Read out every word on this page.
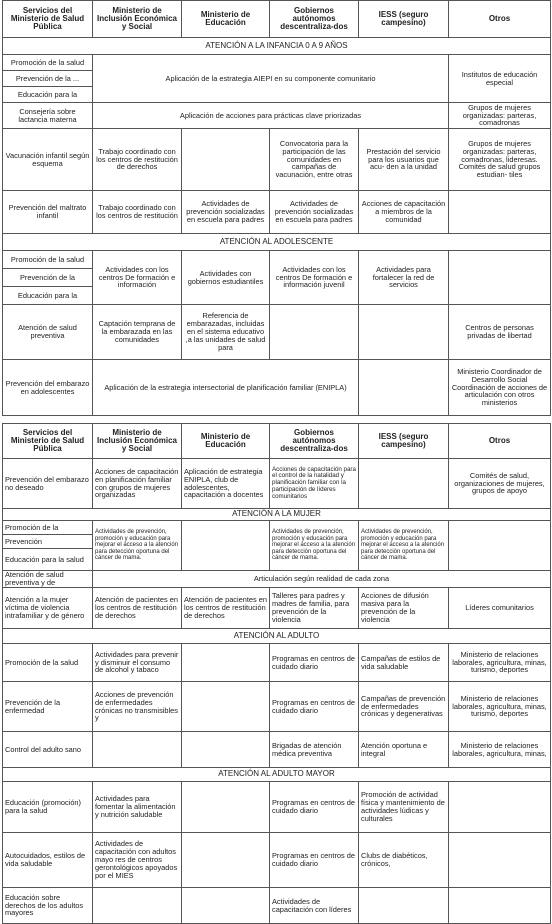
Servicios del Ministerio de Salud Pública	Ministerio de Inclusión Económica y Social	Ministerio de Educación	Gobiernos autónomos descentraliza-dos	IESS (seguro campesino)	Otros
ATENCIÓN A LA INFANCIA 0 A 9 AÑOS					
Promoción de la salud	Aplicación de la estrategia AIEPI en su componente comunitario				Institutos de educación especial
Prevención de la ...					
Educación para la					
Consejería sobre lactancia materna	Aplicación de acciones para prácticas clave priorizadas				Grupos de mujeres organizadas: parteras, comadronas
Vacunación infantil según esquema	Trabajo coordinado con los centros de restitución de derechos		Convocatoria para la participación de las comunidades en campañas de vacunación, entre otras	Prestación del servicio para los usuarios que acu- den a la unidad	Grupos de mujeres organizadas: parteras, comadronas, lideresas. Comités de salud grupos estudian- tiles
Prevención del maltrato infantil	Trabajo coordinado con los centros de restitución	Actividades de prevención socializadas en escuela para padres	Actividades de prevención socializadas en escuela para padres	Acciones de capacitación a miembros de la comunidad	
ATENCIÓN AL ADOLESCENTE					
Promoción de la salud	Actividades con los centros De formación e información	Actividades con gobiernos estudiantiles	Actividades con los centros De formación e información juvenil	Actividades para fortalecer la red de servicios	
Prevención de la					
Educación para la					
Atención de salud preventiva	Captación temprana de la embarazada en las comunidades	Referencia de embarazadas, incluidas en el sistema educativo ,a las unidades de salud para			Centros de personas privadas de libertad
Prevención del embarazo en adolescentes	Aplicación de la estrategia intersectorial de planificación familiar (ENIPLA)				Ministerio Coordinador de Desarrollo Social Coordinación de acciones de articulación con otros ministerios
Servicios del Ministerio de Salud Pública	Ministerio de Inclusión Económica y Social	Ministerio de Educación	Gobiernos autónomos descentraliza-dos	IESS (seguro campesino)	Otros
Prevención del embarazo no deseado	Acciones de capacitación en planificación familiar con grupos de mujeres organizadas	Aplicación de estrategia ENIPLA, club de adolescentes, capacitación a docentes	Acciones de capacitación para el control de la natalidad y planificación familiar con la participación de líderes comunitarios		Comités de salud, organizaciones de mujeres, grupos de apoyo
ATENCIÓN A LA MUJER					
Promoción de la	Actividades de prevención, promoción y educación para mejorar el acceso a la atención para detección oportuna del cáncer de mama.		Actividades de prevención, promoción y educación para mejorar el acceso a la atención para detección oportuna del cáncer de mama.	Actividades de prevención, promoción y educación para mejorar el acceso a la atención para detección oportuna del cáncer de mama.	
Prevención					
Educación para la salud					
Atención de salud preventiva y de	Articulación según realidad de cada zona				
Atención a la mujer víctima de violencia intrafamiliar y de género	Atención de pacientes en los centros de restitución de derechos	Atención de pacientes en los centros de restitución de derechos	Talleres para padres y madres de familia, para prevención de la violencia	Acciones de difusión masiva para la prevención de la violencia	Líderes comunitarios
ATENCIÓN AL ADULTO					
Promoción de la salud	Actividades para prevenir y disminuir el consumo de alcohol y tabaco		Programas en centros de cuidado diario	Campañas de estilos de vida saludable	Ministerio de relaciones laborales, agricultura, minas, turismo, deportes
Prevención de la enfermedad	Acciones de prevención de enfermedades crónicas no transmisibles y		Programas en centros de cuidado diario	Campañas de prevención de enfermedades crónicas y degenerativas	Ministerio de relaciones laborales, agricultura, minas, turismo, deportes
Control del adulto sano			Brigadas de atención médica preventiva	Atención oportuna e integral	Ministerio de relaciones laborales, agricultura, minas,
ATENCIÓN AL ADULTO MAYOR					
Educación (promoción) para la salud	Actividades para fomentar la alimentación y nutrición saludable		Programas en centros de cuidado diario	Promoción de actividad física y mantenimiento de actividades lúdicas y culturales	
Autocuidados, estilos de vida saludable	Actividades de capacitación con adultos mayo res de centros gerontológicos apoyados por el MIES		Programas en centros de cuidado diario	Clubs de diabéticos, crónicos,	
Educación sobre derechos de los adultos mayores			Actividades de capacitación con líderes		
